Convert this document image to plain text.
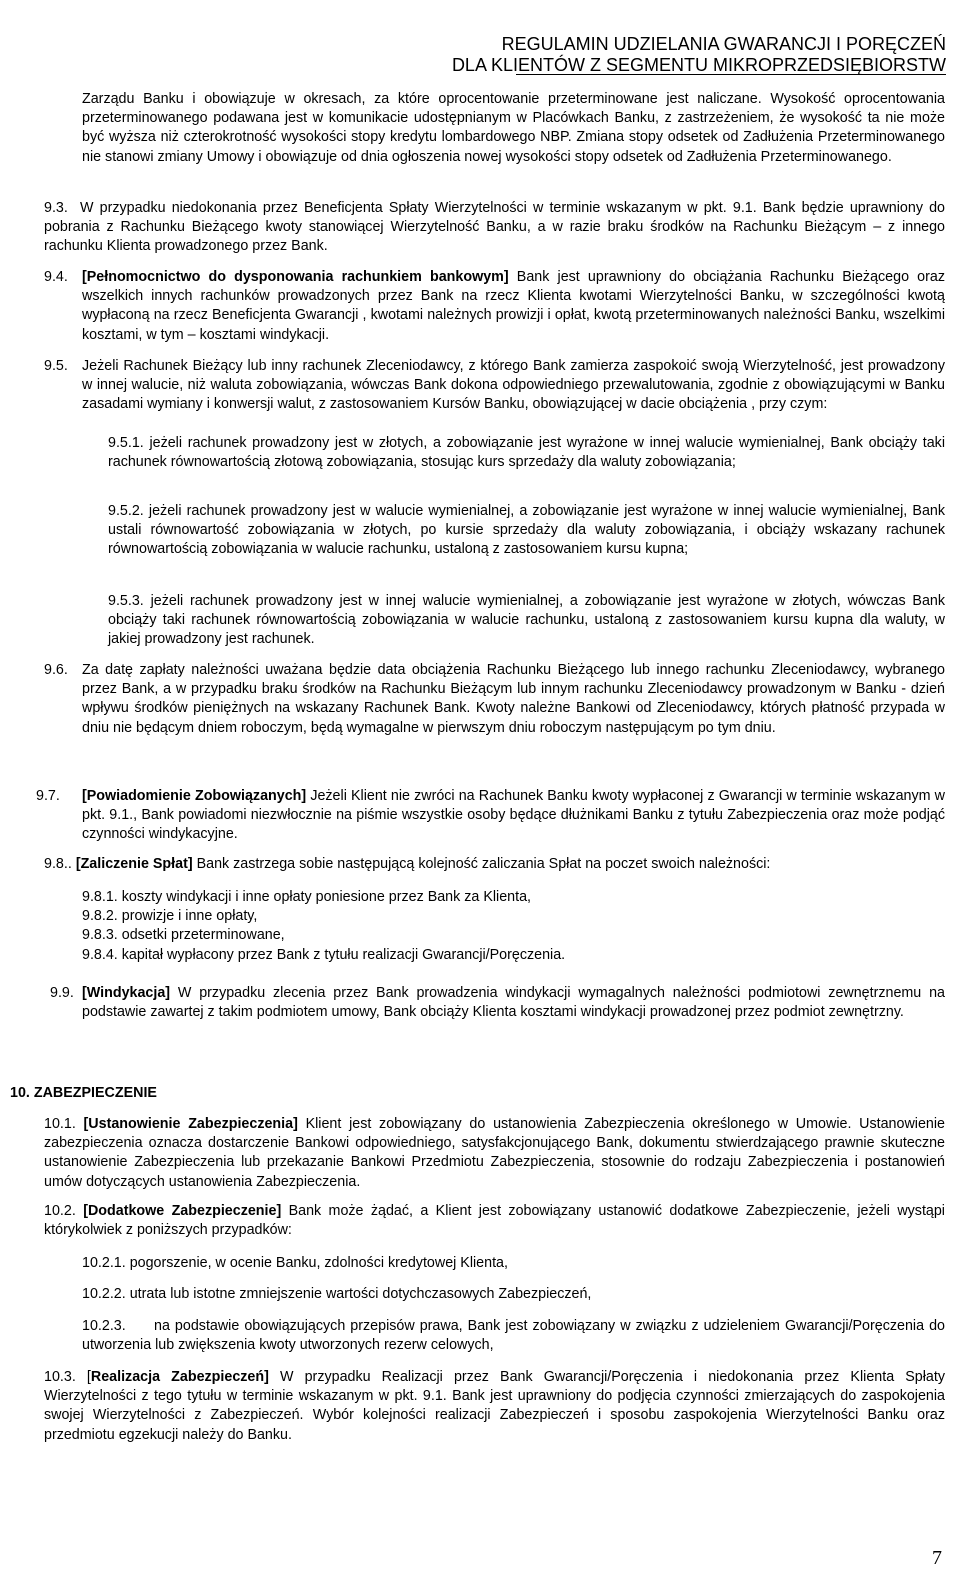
REGULAMIN UDZIELANIA GWARANCJI I PORĘCZEŃ
DLA KLIENTÓW Z SEGMENTU MIKROPRZEDSIĘBIORSTW
Zarządu Banku i obowiązuje w okresach, za które oprocentowanie przeterminowane jest naliczane. Wysokość oprocentowania przeterminowanego podawana jest w komunikacie udostępnianym w Placówkach Banku, z zastrzeżeniem, że wysokość ta nie może być wyższa niż czterokrotność wysokości stopy kredytu lombardowego NBP. Zmiana stopy odsetek od Zadłużenia Przeterminowanego nie stanowi zmiany Umowy i obowiązuje od dnia ogłoszenia nowej wysokości stopy odsetek od Zadłużenia Przeterminowanego.
9.3. W przypadku niedokonania przez Beneficjenta Spłaty Wierzytelności w terminie wskazanym w pkt. 9.1. Bank będzie uprawniony do pobrania z Rachunku Bieżącego kwoty stanowiącej Wierzytelność Banku, a w razie braku środków na Rachunku Bieżącym – z innego rachunku Klienta prowadzonego przez Bank.
9.4. [Pełnomocnictwo do dysponowania rachunkiem bankowym] Bank jest uprawniony do obciążania Rachunku Bieżącego oraz wszelkich innych rachunków prowadzonych przez Bank na rzecz Klienta kwotami Wierzytelności Banku, w szczególności kwotą wypłaconą na rzecz Beneficjenta Gwarancji , kwotami należnych prowizji i opłat, kwotą przeterminowanych należności Banku, wszelkimi kosztami, w tym – kosztami windykacji.
9.5. Jeżeli Rachunek Bieżący lub inny rachunek Zleceniodawcy, z którego Bank zamierza zaspokoić swoją Wierzytelność, jest prowadzony w innej walucie, niż waluta zobowiązania, wówczas Bank dokona odpowiedniego przewalutowania, zgodnie z obowiązującymi w Banku zasadami wymiany i konwersji walut, z zastosowaniem Kursów Banku, obowiązującej w dacie obciążenia , przy czym:
9.5.1. jeżeli rachunek prowadzony jest w złotych, a zobowiązanie jest wyrażone w innej walucie wymienialnej, Bank obciąży taki rachunek równowartością złotową zobowiązania, stosując kurs sprzedaży dla waluty zobowiązania;
9.5.2. jeżeli rachunek prowadzony jest w walucie wymienialnej, a zobowiązanie jest wyrażone w innej walucie wymienialnej, Bank ustali równowartość zobowiązania w złotych, po kursie sprzedaży dla waluty zobowiązania, i obciąży wskazany rachunek równowartością zobowiązania w walucie rachunku, ustaloną z zastosowaniem kursu kupna;
9.5.3. jeżeli rachunek prowadzony jest w innej walucie wymienialnej, a zobowiązanie jest wyrażone w złotych, wówczas Bank obciąży taki rachunek równowartością zobowiązania w walucie rachunku, ustaloną z zastosowaniem kursu kupna dla waluty, w jakiej prowadzony jest rachunek.
9.6. Za datę zapłaty należności uważana będzie data obciążenia Rachunku Bieżącego lub innego rachunku Zleceniodawcy, wybranego przez Bank, a w przypadku braku środków na Rachunku Bieżącym lub innym rachunku Zleceniodawcy prowadzonym w Banku - dzień wpływu środków pieniężnych na wskazany Rachunek Bank. Kwoty należne Bankowi od Zleceniodawcy, których płatność przypada w dniu nie będącym dniem roboczym, będą wymagalne w pierwszym dniu roboczym następującym po tym dniu.
9.7. [Powiadomienie Zobowiązanych] Jeżeli Klient nie zwróci na Rachunek Banku kwoty wypłaconej z Gwarancji w terminie wskazanym w pkt. 9.1., Bank powiadomi niezwłocznie na piśmie wszystkie osoby będące dłużnikami Banku z tytułu Zabezpieczenia oraz może podjąć czynności windykacyjne.
9.8.. [Zaliczenie Spłat] Bank zastrzega sobie następującą kolejność zaliczania Spłat na poczet swoich należności:
9.8.1. koszty windykacji i inne opłaty poniesione przez Bank za Klienta,
9.8.2. prowizje i inne opłaty,
9.8.3. odsetki przeterminowane,
9.8.4. kapitał wypłacony przez Bank z tytułu realizacji Gwarancji/Poręczenia.
9.9. [Windykacja] W przypadku zlecenia przez Bank prowadzenia windykacji wymagalnych należności podmiotowi zewnętrznemu na podstawie zawartej z takim podmiotem umowy, Bank obciąży Klienta kosztami windykacji prowadzonej przez podmiot zewnętrzny.
10. ZABEZPIECZENIE
10.1. [Ustanowienie Zabezpieczenia] Klient jest zobowiązany do ustanowienia Zabezpieczenia określonego w Umowie. Ustanowienie zabezpieczenia oznacza dostarczenie Bankowi odpowiedniego, satysfakcjonującego Bank, dokumentu stwierdzającego prawnie skuteczne ustanowienie Zabezpieczenia lub przekazanie Bankowi Przedmiotu Zabezpieczenia, stosownie do rodzaju Zabezpieczenia i postanowień umów dotyczących ustanowienia Zabezpieczenia.
10.2. [Dodatkowe Zabezpieczenie] Bank może żądać, a Klient jest zobowiązany ustanowić dodatkowe Zabezpieczenie, jeżeli wystąpi którykolwiek z poniższych przypadków:
10.2.1. pogorszenie, w ocenie Banku, zdolności kredytowej Klienta,
10.2.2. utrata lub istotne zmniejszenie wartości dotychczasowych Zabezpieczeń,
10.2.3. na podstawie obowiązujących przepisów prawa, Bank jest zobowiązany w związku z udzieleniem Gwarancji/Poręczenia do utworzenia lub zwiększenia kwoty utworzonych rezerw celowych,
10.3. [Realizacja Zabezpieczeń] W przypadku Realizacji przez Bank Gwarancji/Poręczenia i niedokonania przez Klienta Spłaty Wierzytelności z tego tytułu w terminie wskazanym w pkt. 9.1. Bank jest uprawniony do podjęcia czynności zmierzających do zaspokojenia swojej Wierzytelności z Zabezpieczeń. Wybór kolejności realizacji Zabezpieczeń i sposobu zaspokojenia Wierzytelności Banku oraz przedmiotu egzekucji należy do Banku.
7
